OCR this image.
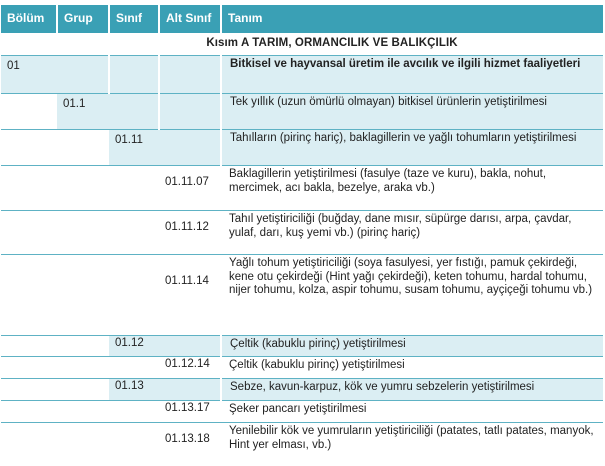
Bölüm	Grup	Sınıf	Alt Sınıf	Tanım
Kısım A TARIM, ORMANCILIK VE BALIKÇILIK				
01				Bitkisel ve hayvansal üretim ile avcılık ve ilgili hizmet faaliyetleri
	01.1			Tek yıllık (uzun ömürlü olmayan) bitkisel ürünlerin yetiştirilmesi
		01.11		Tahılların (pirinç hariç), baklagillerin ve yağlı tohumların yetiştirilmesi
			01.11.07	Baklagillerin yetiştirilmesi (fasulye (taze ve kuru), bakla, nohut, mercimek, acı bakla, bezelye, araka vb.)
			01.11.12	Tahıl yetiştiriciliği (buğday, dane mısır, süpürge darısı, arpa, çavdar, yulaf, darı, kuş yemi vb.) (pirinç hariç)
			01.11.14	Yağlı tohum yetiştiriciliği (soya fasulyesi, yer fıstığı, pamuk çekirdeği, kene otu çekirdeği (Hint yağı çekirdeği), keten tohumu, hardal tohumu, nijer tohumu, kolza, aspir tohumu, susam tohumu, ayçiçeği tohumu vb.)
		01.12		Çeltik (kabuklu pirinç) yetiştirilmesi
			01.12.14	Çeltik (kabuklu pirinç) yetiştirilmesi
		01.13		Sebze, kavun-karpuz, kök ve yumru sebzelerin yetiştirilmesi
			01.13.17	Şeker pancarı yetiştirilmesi
			01.13.18	Yenilebilir kök ve yumruların yetiştiriciliği (patates, tatlı patates, manyok, Hint yer elması, vb.)
